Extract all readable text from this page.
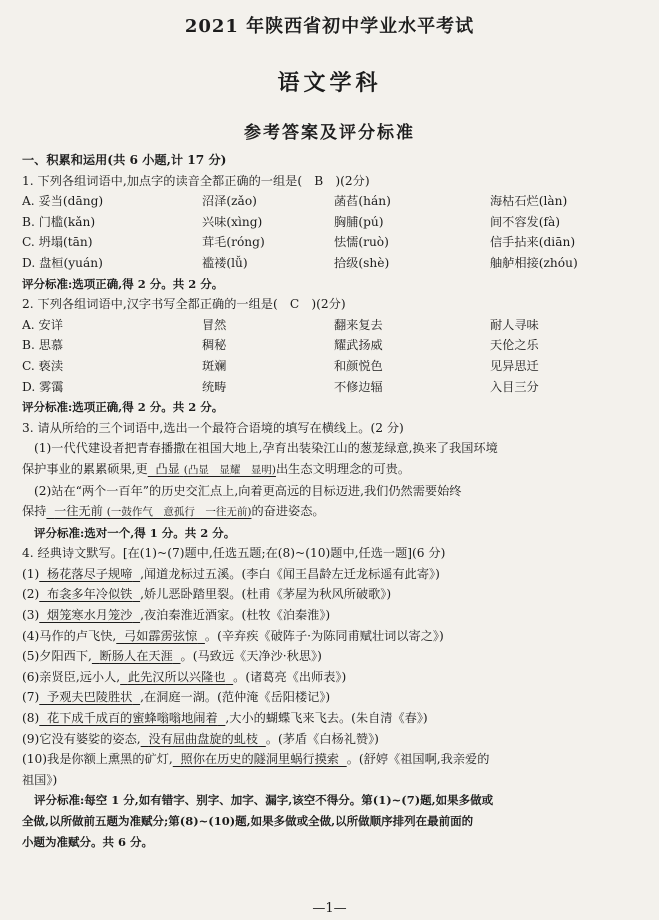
2021 年陕西省初中学业水平考试
语文学科
参考答案及评分标准
一、积累和运用(共 6 小题,计 17 分)
1. 下列各组词语中,加点字的读音全都正确的一组是(　B　)(2分)
A. 妥当(dāng)	沼泽(zǎo)	菡萏(hán)	海枯石烂(làn)
B. 门槛(kǎn)	兴味(xìng)	胸脯(pú)	间不容发(fà)
C. 坍塌(tān)	茸毛(róng)	怯懦(ruò)	信手拈来(diān)
D. 盘桓(yuán)	褴褛(lǚ)	拾级(shè)	舳舻相接(zhóu)
评分标准:选项正确,得 2 分。共 2 分。
2. 下列各组词语中,汉字书写全都正确的一组是(　C　)(2分)
A. 安详	冒然	翻来复去	耐人寻味
B. 思慕	稠秘	耀武扬威	天伦之乐
C. 亵渎	斑斓	和颜悦色	见异思迁
D. 雾霭	统畴	不修边辐	入目三分
评分标准:选项正确,得 2 分。共 2 分。
3. 请从所给的三个词语中,选出一个最符合语境的填写在横线上。(2 分)
(1)一代代建设者把青春播撒在祖国大地上,孕育出装染江山的葱茏绿意,换来了我国环境
保护事业的累累硕果,更 凸显 (凸显　显耀　显明)出生态文明理念的可贵。
(2)站在“两个一百年”的历史交汇点上,向着更高远的目标迈进,我们仍然需要始终
保持 一往无前 (一鼓作气　意孤行　一往无前)的奋进姿态。
评分标准:选对一个,得 1 分。共 2 分。
4. 经典诗文默写。[在(1)~(7)题中,任选五题;在(8)~(10)题中,任选一题](6 分)
(1) 杨花落尽子规啼 ,闻道龙标过五溪。(李白《闻王昌龄左迁龙标遥有此寄》)
(2) 布衾多年冷似铁 ,娇儿恶卧踏里裂。(杜甫《茅屋为秋风所破歌》)
(3) 烟笼寒水月笼沙 ,夜泊秦淮近酒家。(杜牧《泊秦淮》)
(4)马作的卢飞快, 弓如霹雳弦惊 。(辛弃疾《破阵子·为陈同甫赋壮词以寄之》)
(5)夕阳西下, 断肠人在天涯 。(马致远《天净沙·秋思》)
(6)亲贤臣,远小人, 此先汉所以兴隆也 。(诸葛亮《出师表》)
(7) 予观夫巴陵胜状 ,在洞庭一湖。(范仲淹《岳阳楼记》)
(8) 花下成千成百的蜜蜂嗡嗡地闹着 ,大小的蝴蝶飞来飞去。(朱自清《春》)
(9)它没有婆娑的姿态, 没有屈曲盘旋的虬枝 。(茅盾《白杨礼赞》)
(10)我是你额上熏黑的矿灯, 照你在历史的隧洞里蜗行摸索 。(舒婷《祖国啊,我亲爱的
祖国》)
评分标准:每空 1 分,如有错字、别字、加字、漏字,该空不得分。第(1)~(7)题,如果多做或
全做,以所做前五题为准赋分;第(8)~(10)题,如果多做或全做,以所做顺序排列在最前面的
小题为准赋分。共 6 分。
—1—
